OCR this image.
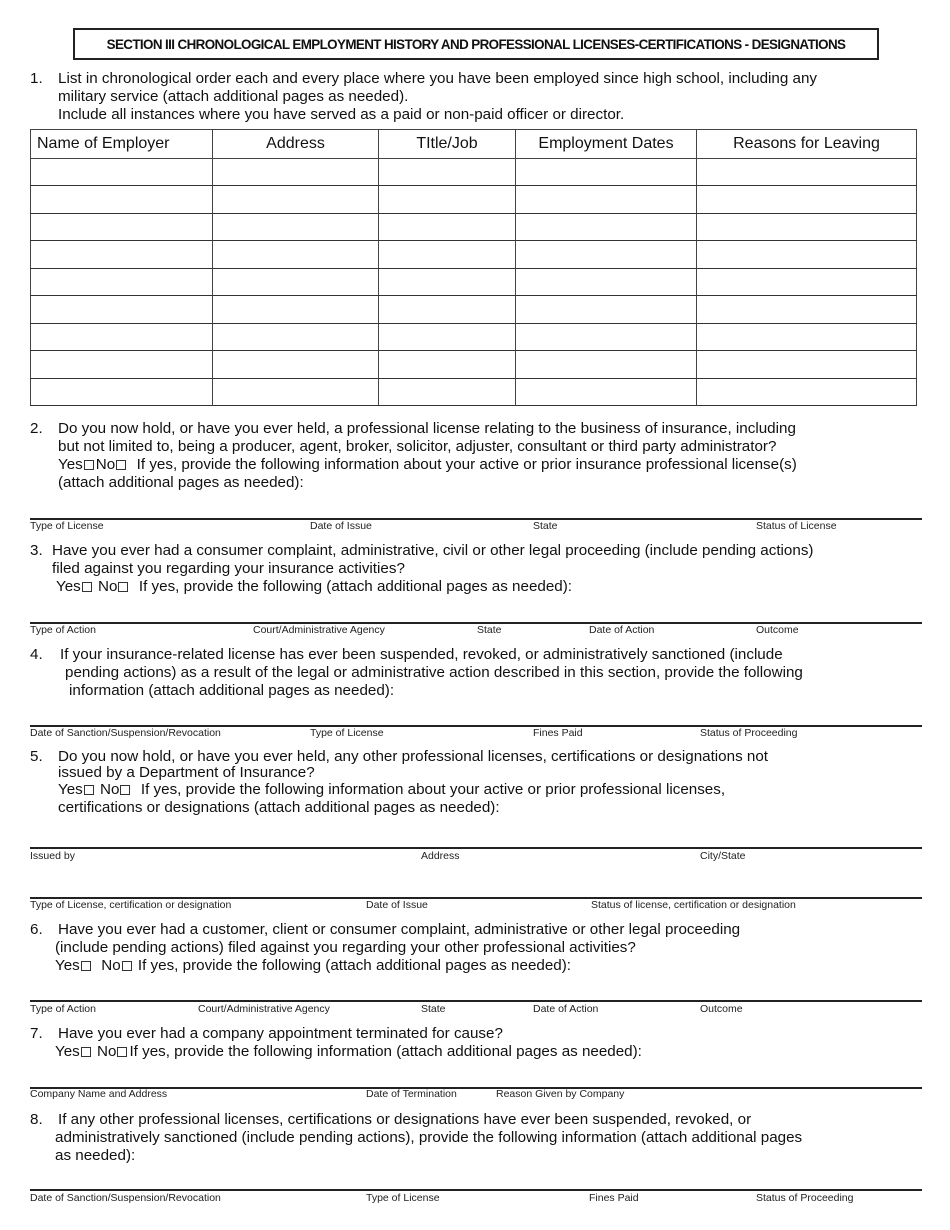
SECTION III CHRONOLOGICAL EMPLOYMENT HISTORY AND PROFESSIONAL LICENSES-CERTIFICATIONS - DESIGNATIONS
1. List in chronological order each and every place where you have been employed since high school, including any
military service (attach additional pages as needed).
Include all instances where you have served as a paid or non-paid officer or director.
Name of Employer	Address	TItle/Job	Employment Dates	Reasons for Leaving

2. Do you now hold, or have you ever held, a professional license relating to the business of insurance, including
but not limited to, being a producer, agent, broker, solicitor, adjuster, consultant or third party administrator?
Yes No If yes, provide the following information about your active or prior insurance professional license(s)
(attach additional pages as needed):
Type of License	Date of Issue	State	Status of License
3. Have you ever had a consumer complaint, administrative, civil or other legal proceeding (include pending actions)
filed against you regarding your insurance activities?
Yes No If yes, provide the following (attach additional pages as needed):
Type of Action	Court/Administrative Agency	State	Date of Action	Outcome
4. If your insurance-related license has ever been suspended, revoked, or administratively sanctioned (include
pending actions) as a result of the legal or administrative action described in this section, provide the following
information (attach additional pages as needed):
Date of Sanction/Suspension/Revocation	Type of License	Fines Paid	Status of Proceeding
5. Do you now hold, or have you ever held, any other professional licenses, certifications or designations not
issued by a Department of Insurance?
Yes No If yes, provide the following information about your active or prior professional licenses,
certifications or designations (attach additional pages as needed):
Issued by	Address	City/State
Type of License, certification or designation	Date of Issue	Status of license, certification or designation
6. Have you ever had a customer, client or consumer complaint, administrative or other legal proceeding
(include pending actions) filed against you regarding your other professional activities?
Yes No If yes, provide the following (attach additional pages as needed):
Type of Action	Court/Administrative Agency	State	Date of Action	Outcome
7. Have you ever had a company appointment terminated for cause?
Yes No If yes, provide the following information (attach additional pages as needed):
Company Name and Address	Date of Termination	Reason Given by Company
8. If any other professional licenses, certifications or designations have ever been suspended, revoked, or
administratively sanctioned (include pending actions), provide the following information (attach additional pages
as needed):
Date of Sanction/Suspension/Revocation	Type of License	Fines Paid	Status of Proceeding
